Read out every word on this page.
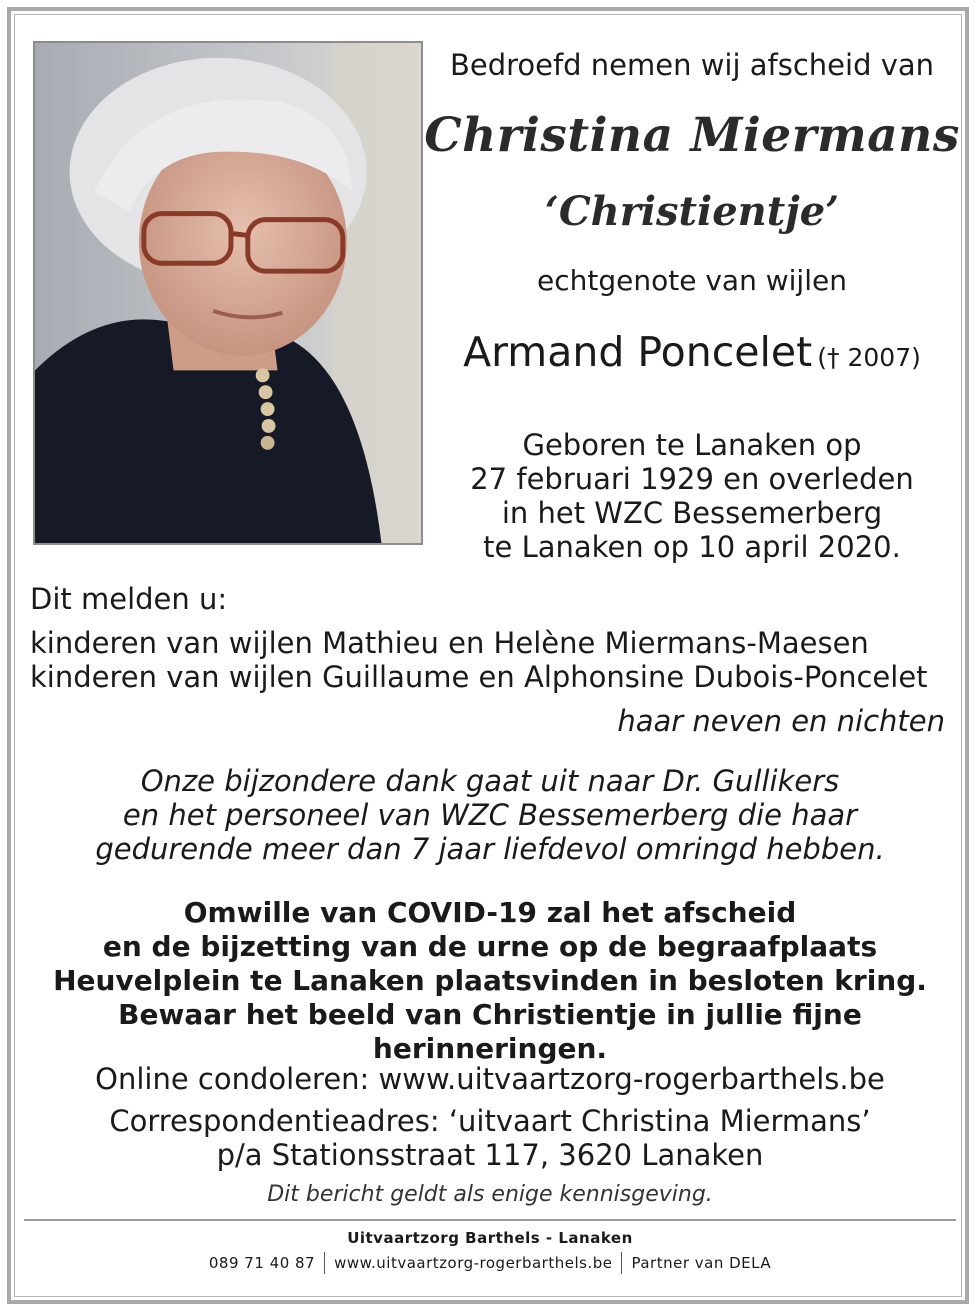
Bedroefd nemen wij afscheid van
Christina Miermans
‘Christientje’
echtgenote van wijlen
Armand Poncelet († 2007)
Geboren te Lanaken op
27 februari 1929 en overleden
in het WZC Bessemerberg
te Lanaken op 10 april 2020.
Dit melden u:
kinderen van wijlen Mathieu en Helène Miermans-Maesen
kinderen van wijlen Guillaume en Alphonsine Dubois-Poncelet
haar neven en nichten
Onze bijzondere dank gaat uit naar Dr. Gullikers
en het personeel van WZC Bessemerberg die haar
gedurende meer dan 7 jaar liefdevol omringd hebben.
Omwille van COVID-19 zal het afscheid
en de bijzetting van de urne op de begraafplaats
Heuvelplein te Lanaken plaatsvinden in besloten kring.
Bewaar het beeld van Christientje in jullie fijne herinneringen.
Online condoleren: www.uitvaartzorg-rogerbarthels.be
Correspondentieadres: ‘uitvaart Christina Miermans’
p/a Stationsstraat 117, 3620 Lanaken
Dit bericht geldt als enige kennisgeving.
Uitvaartzorg Barthels - Lanaken
089 71 40 87 www.uitvaartzorg-rogerbarthels.be Partner van DELA
